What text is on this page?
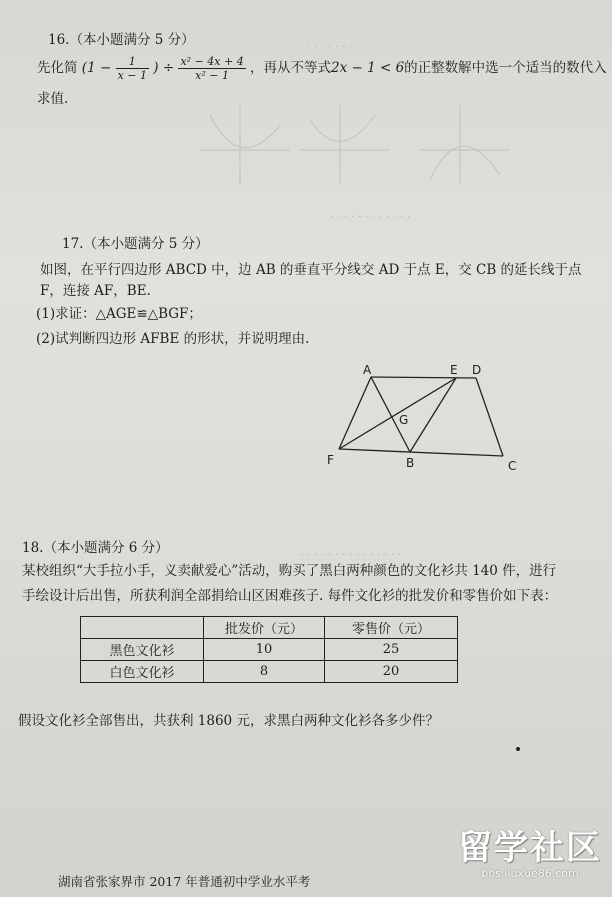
· · · · · · · · ·
16.（本小题满分 5 分）
先化简 ($1 - \frac{1}{x - 1}$ ) ÷ $\frac{\text{x² − 4x + 4}}{\text{x² − 1}}$ ，再从不等式2x − 1 < 6的正整数解中选一个适当的数代入
求值.
17.（本小题满分 5 分）
如图，在平行四边形 ABCD 中，边 AB 的垂直平分线交 AD 于点 E，交 CB 的延长线于点
F，连接 AF，BE.
(1)求证：△AGE≌△BGF；
(2)试判断四边形 AFBE 的形状，并说明理由.
A	E D
G
F	B	C
· · · · · · · · · · · ·
· · · · · · · · · · · · · · ·
18.（本小题满分 6 分）
某校组织“大手拉小手，义卖献爱心”活动，购买了黑白两种颜色的文化衫共 140 件，进行
手绘设计后出售，所获利润全部捐给山区困难孩子. 每件文化衫的批发价和零售价如下表：
	批发价（元）	零售价（元）
黑色文化衫	10	25
白色文化衫	8	20
假设文化衫全部售出，共获利 1860 元，求黑白两种文化衫各多少件？
湖南省张家界市 2017 年普通初中学业水平考
留学社区
bbs.liuxue86.com
